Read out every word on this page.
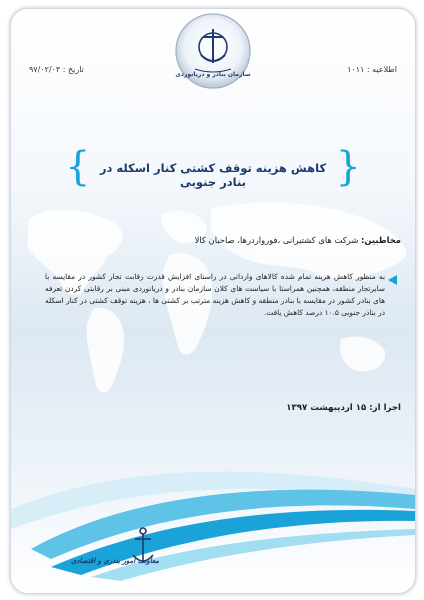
سازمان بنادر و دریانوردی
اطلاعیه : ۱۰۱۱
تاریخ : ۹۷/۰۲/۰۳
{ کاهش هزینه توقف کشتی کنار اسکله در بنادر جنوبی	}
مخاطبین: شرکت های کشتیرانی ،فورواردرها، صاحبان کالا
به منظور کاهش هزینه تمام شده کالاهای وارداتی در راستای افزایش قدرت رقابت تجار کشور در مقایسه با سایرتجار منطقه، همچنین همراستا با سیاست های کلان سازمان بنادر و دریانوردی مبنی بر رقابتی کردن تعرفه های بنادر کشور در مقایسه با بنادر منطقه و کاهش هزینه مترتب بر کشتی ها ، هزینه توقف کشتی در کنار اسکله در بنادر جنوبی ۱۰.۵ درصد کاهش یافت.
اجرا از: ۱۵ اردیبهشت ۱۳۹۷
معاونت امور بندری و اقتصادی
